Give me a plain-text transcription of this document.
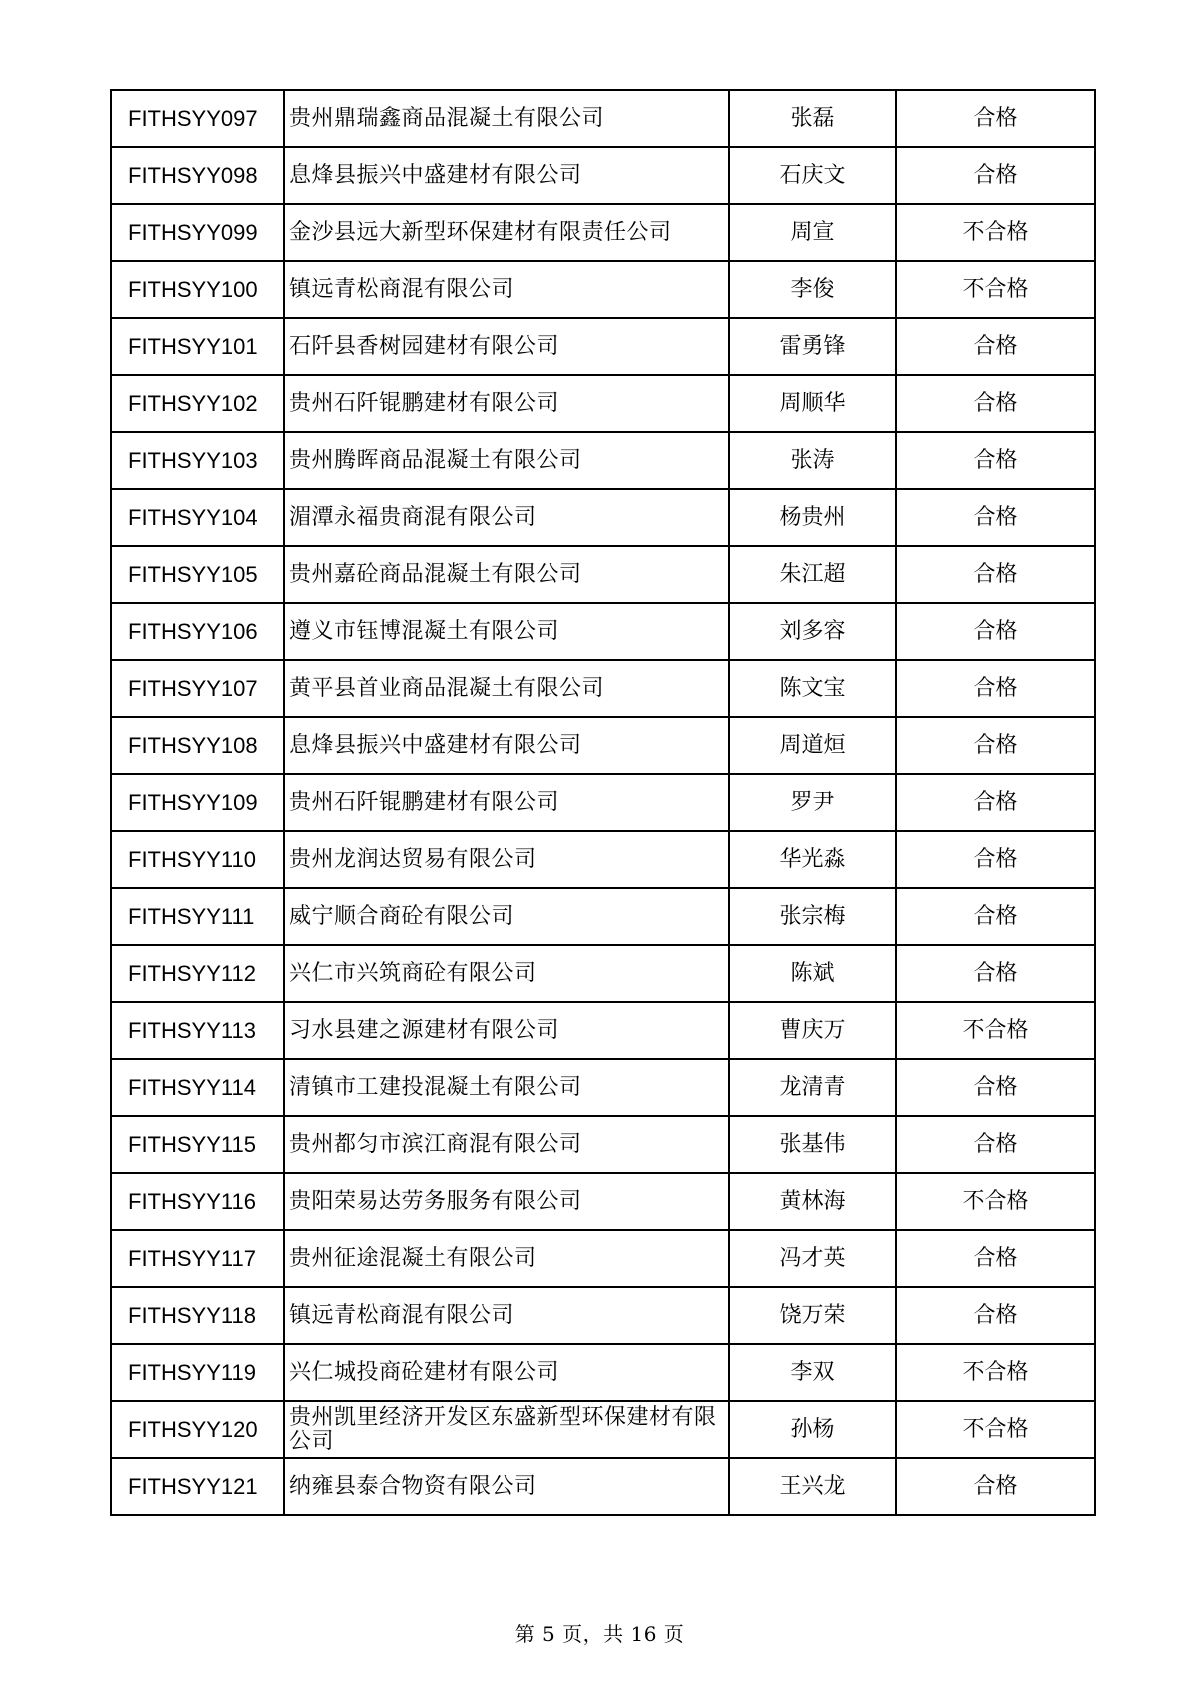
FITHSYY097	贵州鼎瑞鑫商品混凝土有限公司	张磊	合格
FITHSYY098	息烽县振兴中盛建材有限公司	石庆文	合格
FITHSYY099	金沙县远大新型环保建材有限责任公司	周宣	不合格
FITHSYY100	镇远青松商混有限公司	李俊	不合格
FITHSYY101	石阡县香树园建材有限公司	雷勇锋	合格
FITHSYY102	贵州石阡锟鹏建材有限公司	周顺华	合格
FITHSYY103	贵州腾晖商品混凝土有限公司	张涛	合格
FITHSYY104	湄潭永福贵商混有限公司	杨贵州	合格
FITHSYY105	贵州嘉砼商品混凝土有限公司	朱江超	合格
FITHSYY106	遵义市钰博混凝土有限公司	刘多容	合格
FITHSYY107	黄平县首业商品混凝土有限公司	陈文宝	合格
FITHSYY108	息烽县振兴中盛建材有限公司	周道烜	合格
FITHSYY109	贵州石阡锟鹏建材有限公司	罗尹	合格
FITHSYY110	贵州龙润达贸易有限公司	华光淼	合格
FITHSYY111	威宁顺合商砼有限公司	张宗梅	合格
FITHSYY112	兴仁市兴筑商砼有限公司	陈斌	合格
FITHSYY113	习水县建之源建材有限公司	曹庆万	不合格
FITHSYY114	清镇市工建投混凝土有限公司	龙清青	合格
FITHSYY115	贵州都匀市滨江商混有限公司	张基伟	合格
FITHSYY116	贵阳荣易达劳务服务有限公司	黄林海	不合格
FITHSYY117	贵州征途混凝土有限公司	冯才英	合格
FITHSYY118	镇远青松商混有限公司	饶万荣	合格
FITHSYY119	兴仁城投商砼建材有限公司	李双	不合格
FITHSYY120	贵州凯里经济开发区东盛新型环保建材有限公司	孙杨	不合格
FITHSYY121	纳雍县泰合物资有限公司	王兴龙	合格
第 5 页，共 16 页
